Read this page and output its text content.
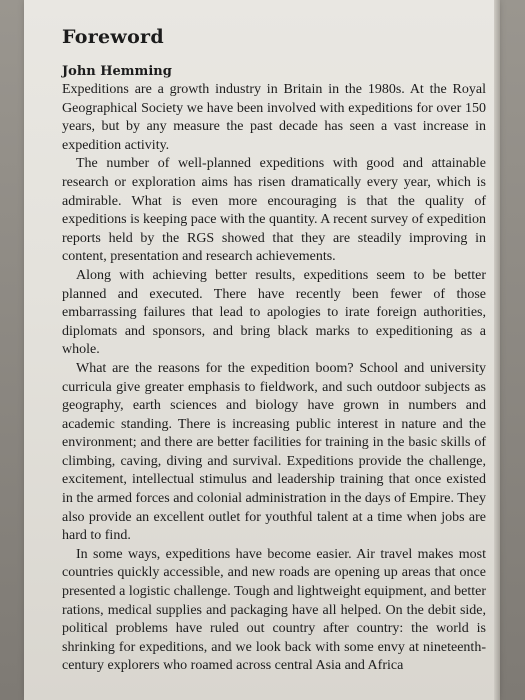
Foreword
John Hemming

Expeditions are a growth industry in Britain in the 1980s. At the Royal Geographical Society we have been involved with expeditions for over 150 years, but by any measure the past decade has seen a vast increase in expedition activity.

The number of well-planned expeditions with good and attainable research or exploration aims has risen dramatically every year, which is admirable. What is even more encouraging is that the quality of expeditions is keeping pace with the quantity. A recent survey of expedition reports held by the RGS showed that they are steadily improving in content, presentation and research achievements.

Along with achieving better results, expeditions seem to be better planned and executed. There have recently been fewer of those embarrassing failures that lead to apologies to irate foreign authorities, diplomats and sponsors, and bring black marks to expeditioning as a whole.

What are the reasons for the expedition boom? School and university curricula give greater emphasis to fieldwork, and such outdoor subjects as geography, earth sciences and biology have grown in numbers and academic standing. There is increasing public interest in nature and the environment; and there are better facilities for training in the basic skills of climbing, caving, diving and survival. Expeditions provide the challenge, excitement, intellectual stimulus and leadership training that once existed in the armed forces and colonial administration in the days of Empire. They also provide an excellent outlet for youthful talent at a time when jobs are hard to find.

In some ways, expeditions have become easier. Air travel makes most countries quickly accessible, and new roads are opening up areas that once presented a logistic challenge. Tough and lightweight equipment, and better rations, medical supplies and packaging have all helped. On the debit side, political problems have ruled out country after country: the world is shrinking for expeditions, and we look back with some envy at nineteenth-century explorers who roamed across central Asia and Africa
